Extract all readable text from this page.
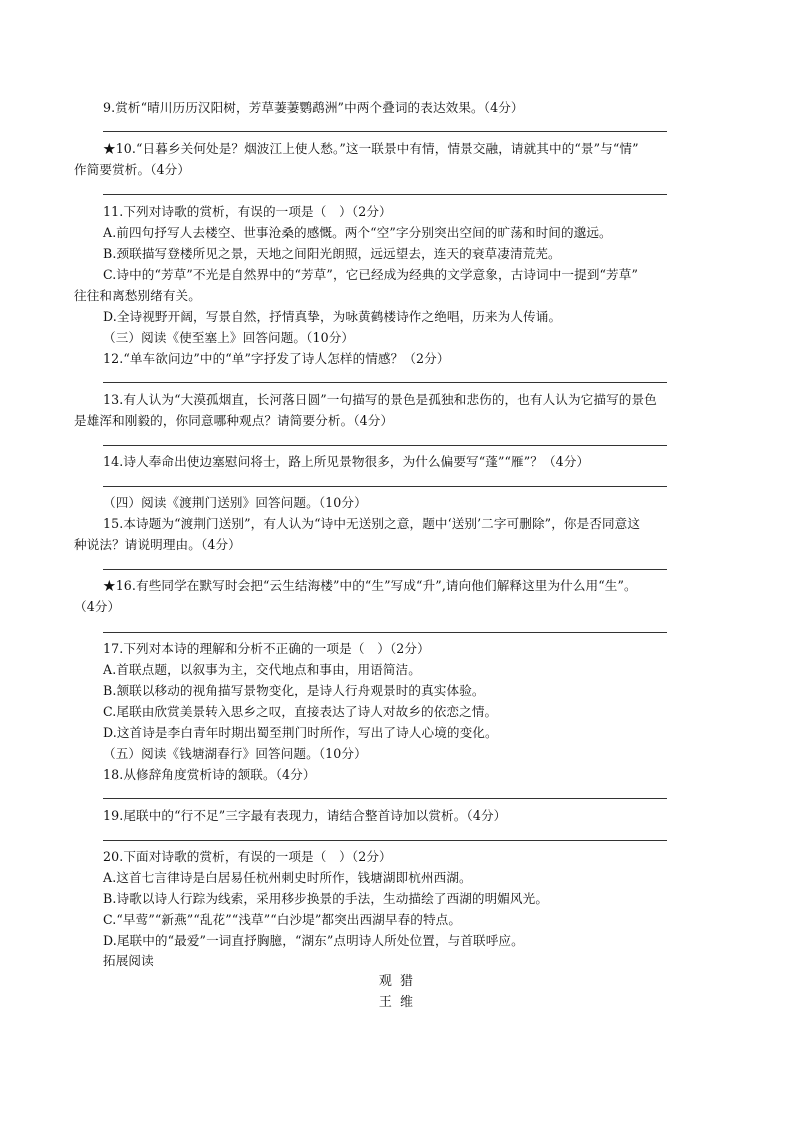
9.赏析“晴川历历汉阳树，芳草萋萋鹦鹉洲”中两个叠词的表达效果。（4分）
★10.“日暮乡关何处是？烟波江上使人愁。”这一联景中有情，情景交融，请就其中的“景”与“情”
作简要赏析。（4分）
11.下列对诗歌的赏析，有误的一项是（　）（2分）
A.前四句抒写人去楼空、世事沧桑的感慨。两个“空”字分别突出空间的旷荡和时间的邈远。
B.颈联描写登楼所见之景，天地之间阳光朗照，远远望去，连天的衰草凄清荒芜。
C.诗中的“芳草”不光是自然界中的“芳草”，它已经成为经典的文学意象，古诗词中一提到“芳草”
往往和离愁别绪有关。
D.全诗视野开阔，写景自然，抒情真挚，为咏黄鹤楼诗作之绝唱，历来为人传诵。
（三）阅读《使至塞上》回答问题。（10分）
12.“单车欲问边”中的“单”字抒发了诗人怎样的情感？（2分）
13.有人认为“大漠孤烟直，长河落日圆”一句描写的景色是孤独和悲伤的，也有人认为它描写的景色
是雄浑和刚毅的，你同意哪种观点？请简要分析。（4分）
14.诗人奉命出使边塞慰问将士，路上所见景物很多，为什么偏要写“蓬”“雁”？（4分）
（四）阅读《渡荆门送别》回答问题。（10分）
15.本诗题为“渡荆门送别”，有人认为“诗中无送别之意，题中‘送别’二字可删除”，你是否同意这
种说法？请说明理由。（4分）
★16.有些同学在默写时会把“云生结海楼”中的“生”写成“升”,请向他们解释这里为什么用“生”。
（4分）
17.下列对本诗的理解和分析不正确的一项是（　）（2分）
A.首联点题，以叙事为主，交代地点和事由，用语简洁。
B.颔联以移动的视角描写景物变化，是诗人行舟观景时的真实体验。
C.尾联由欣赏美景转入思乡之叹，直接表达了诗人对故乡的依恋之情。
D.这首诗是李白青年时期出蜀至荆门时所作，写出了诗人心境的变化。
（五）阅读《钱塘湖春行》回答问题。（10分）
18.从修辞角度赏析诗的颔联。（4分）
19.尾联中的“行不足”三字最有表现力，请结合整首诗加以赏析。（4分）
20.下面对诗歌的赏析，有误的一项是（　）（2分）
A.这首七言律诗是白居易任杭州刺史时所作，钱塘湖即杭州西湖。
B.诗歌以诗人行踪为线索，采用移步换景的手法，生动描绘了西湖的明媚风光。
C.“早莺”“新燕”“乱花”“浅草”“白沙堤”都突出西湖早春的特点。
D.尾联中的“最爱”一词直抒胸臆，“湖东”点明诗人所处位置，与首联呼应。
拓展阅读
观 猎
王 维
